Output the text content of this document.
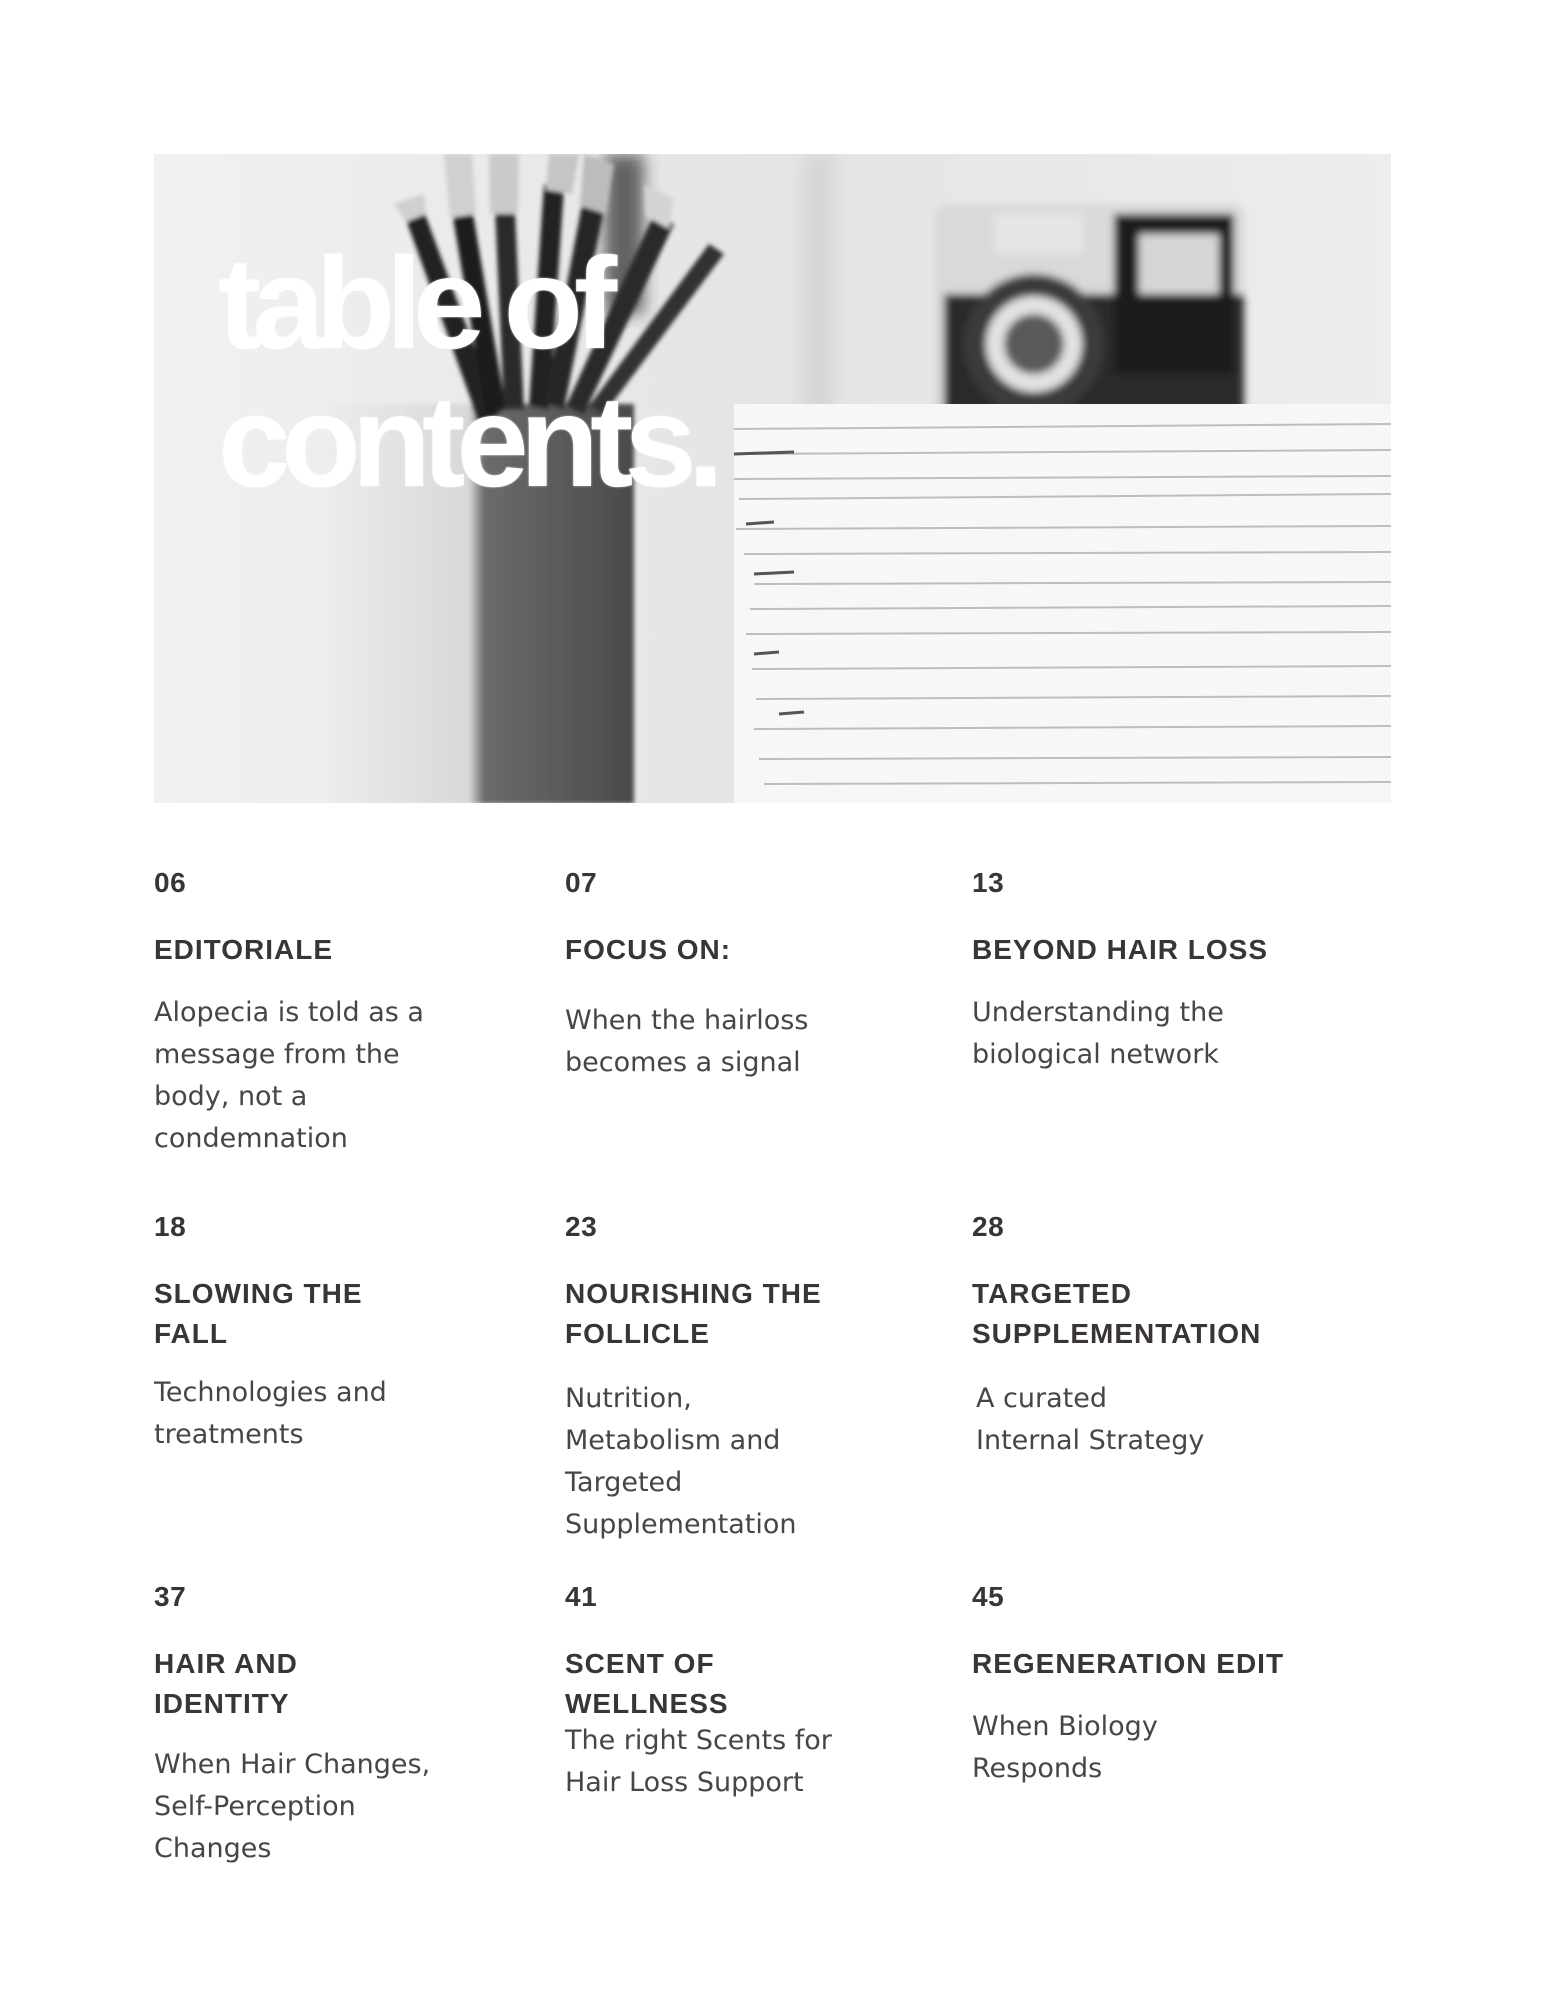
table of
contents.
06
EDITORIALE
Alopecia is told as a
message from the
body, not a
condemnation
07
FOCUS ON:
When the hairloss
becomes a signal
13
BEYOND HAIR LOSS
Understanding the
biological network
18
SLOWING THE
FALL
Technologies and
treatments
23
NOURISHING THE
FOLLICLE
Nutrition,
Metabolism and
Targeted
Supplementation
28
TARGETED
SUPPLEMENTATION
A curated
Internal Strategy
37
HAIR AND
IDENTITY
When Hair Changes,
Self-Perception
Changes
41
SCENT OF
WELLNESS
The right Scents for
Hair Loss Support
45
REGENERATION EDIT
When Biology
Responds
